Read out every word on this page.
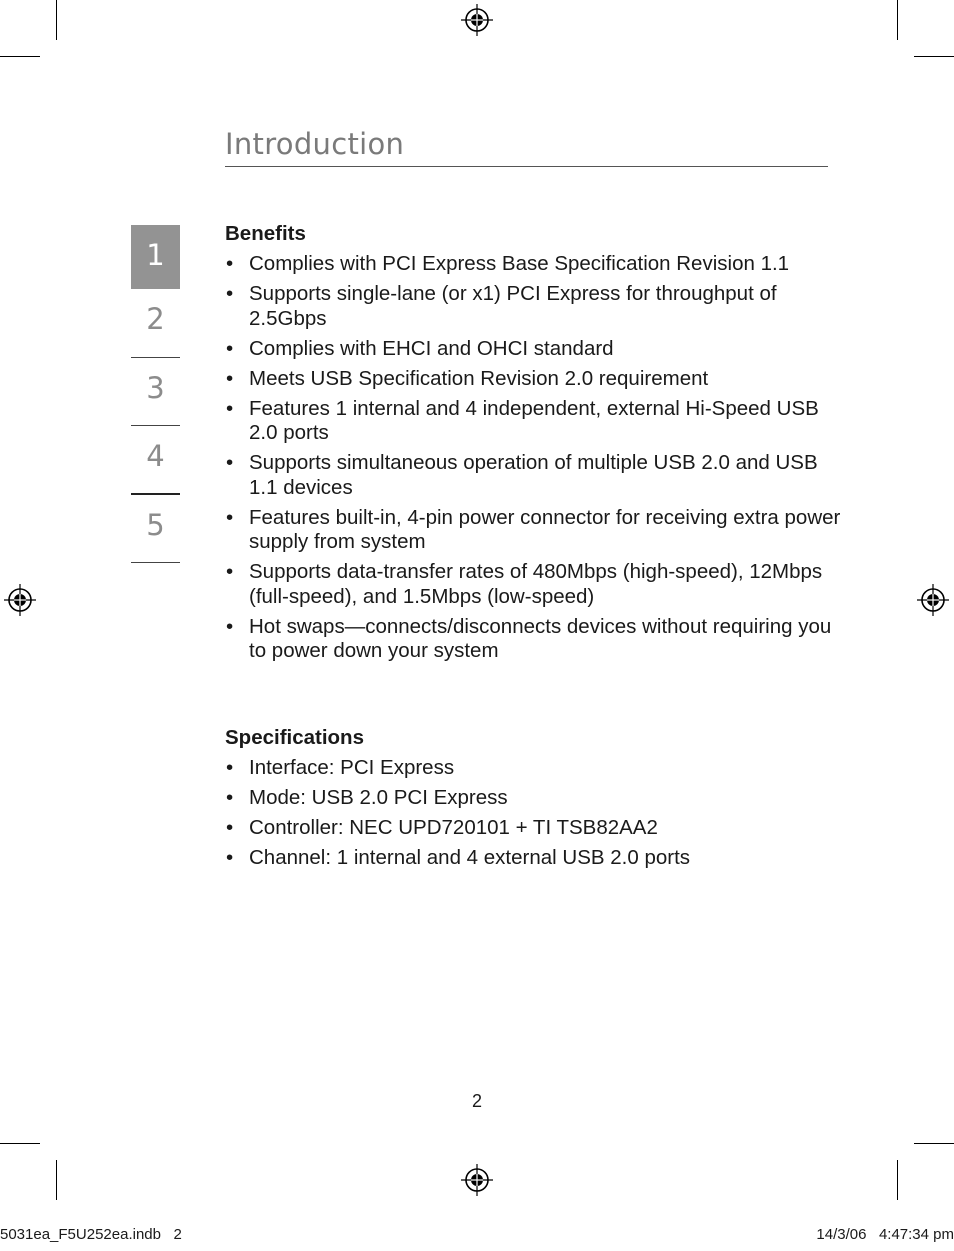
Introduction
1
2
3
4
5
Benefits
• Complies with PCI Express Base Specification Revision 1.1
• Supports single-lane (or x1) PCI Express for throughput of 2.5Gbps
• Complies with EHCI and OHCI standard
• Meets USB Specification Revision 2.0 requirement
• Features 1 internal and 4 independent, external Hi-Speed USB 2.0 ports
• Supports simultaneous operation of multiple USB 2.0 and USB 1.1 devices
• Features built-in, 4-pin power connector for receiving extra power supply from system
• Supports data-transfer rates of 480Mbps (high-speed), 12Mbps (full-speed), and 1.5Mbps (low-speed)
• Hot swaps—connects/disconnects devices without requiring you to power down your system
Specifications
• Interface: PCI Express
• Mode: USB 2.0 PCI Express
• Controller: NEC UPD720101 + TI TSB82AA2
• Channel: 1 internal and 4 external USB 2.0 ports
2
5031ea_F5U252ea.indb   2	14/3/06   4:47:34 pm
